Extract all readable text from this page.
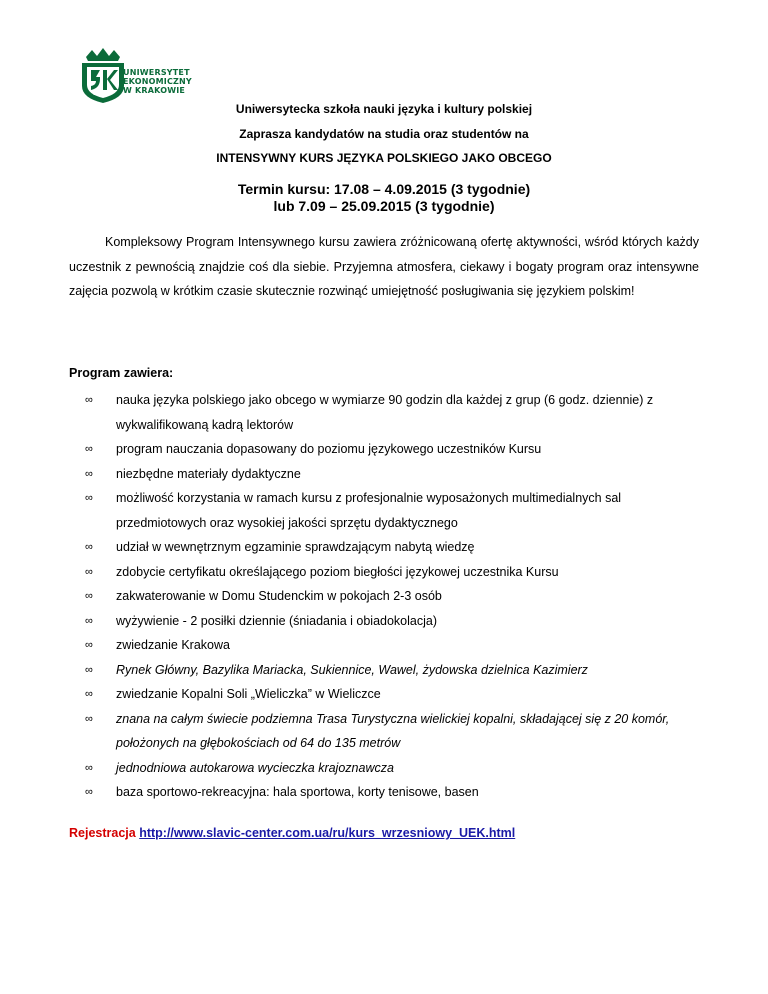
1925
UNIWERSYTET
EKONOMICZNY
W KRAKOWIE
Uniwersytecka szkoła nauki języka i kultury polskiej
Zaprasza kandydatów na studia oraz studentów na
INTENSYWNY KURS JĘZYKA POLSKIEGO JAKO OBCEGO
Termin kursu: 17.08 – 4.09.2015 (3 tygodnie)
lub 7.09 – 25.09.2015 (3 tygodnie)
Kompleksowy Program Intensywnego kursu zawiera zróżnicowaną ofertę aktywności, wśród których każdy uczestnik z pewnością znajdzie coś dla siebie. Przyjemna atmosfera, ciekawy i bogaty program oraz intensywne zajęcia pozwolą w krótkim czasie skutecznie rozwinąć umiejętność posługiwania się językiem polskim!
Program zawiera:
∞ nauka języka polskiego jako obcego w wymiarze 90 godzin dla każdej z grup (6 godz. dziennie) z wykwalifikowaną kadrą lektorów
∞ program nauczania dopasowany do poziomu językowego uczestników Kursu
∞ niezbędne materiały dydaktyczne
∞ możliwość korzystania w ramach kursu z profesjonalnie wyposażonych multimedialnych sal przedmiotowych oraz wysokiej jakości sprzętu dydaktycznego
∞ udział w wewnętrznym egzaminie sprawdzającym nabytą wiedzę
∞ zdobycie certyfikatu określającego poziom biegłości językowej uczestnika Kursu
∞ zakwaterowanie w Domu Studenckim w pokojach 2-3 osób
∞ wyżywienie - 2 posiłki dziennie (śniadania i obiadokolacja)
∞ zwiedzanie Krakowa
∞ Rynek Główny, Bazylika Mariacka, Sukiennice, Wawel, żydowska dzielnica Kazimierz
∞ zwiedzanie Kopalni Soli „Wieliczka” w Wieliczce
∞ znana na całym świecie podziemna Trasa Turystyczna wielickiej kopalni, składającej się z 20 komór, położonych na głębokościach od 64 do 135 metrów
∞ jednodniowa autokarowa wycieczka krajoznawcza
∞ baza sportowo-rekreacyjna: hala sportowa, korty tenisowe, basen
Rejestracja http://www.slavic-center.com.ua/ru/kurs_wrzesniowy_UEK.html
